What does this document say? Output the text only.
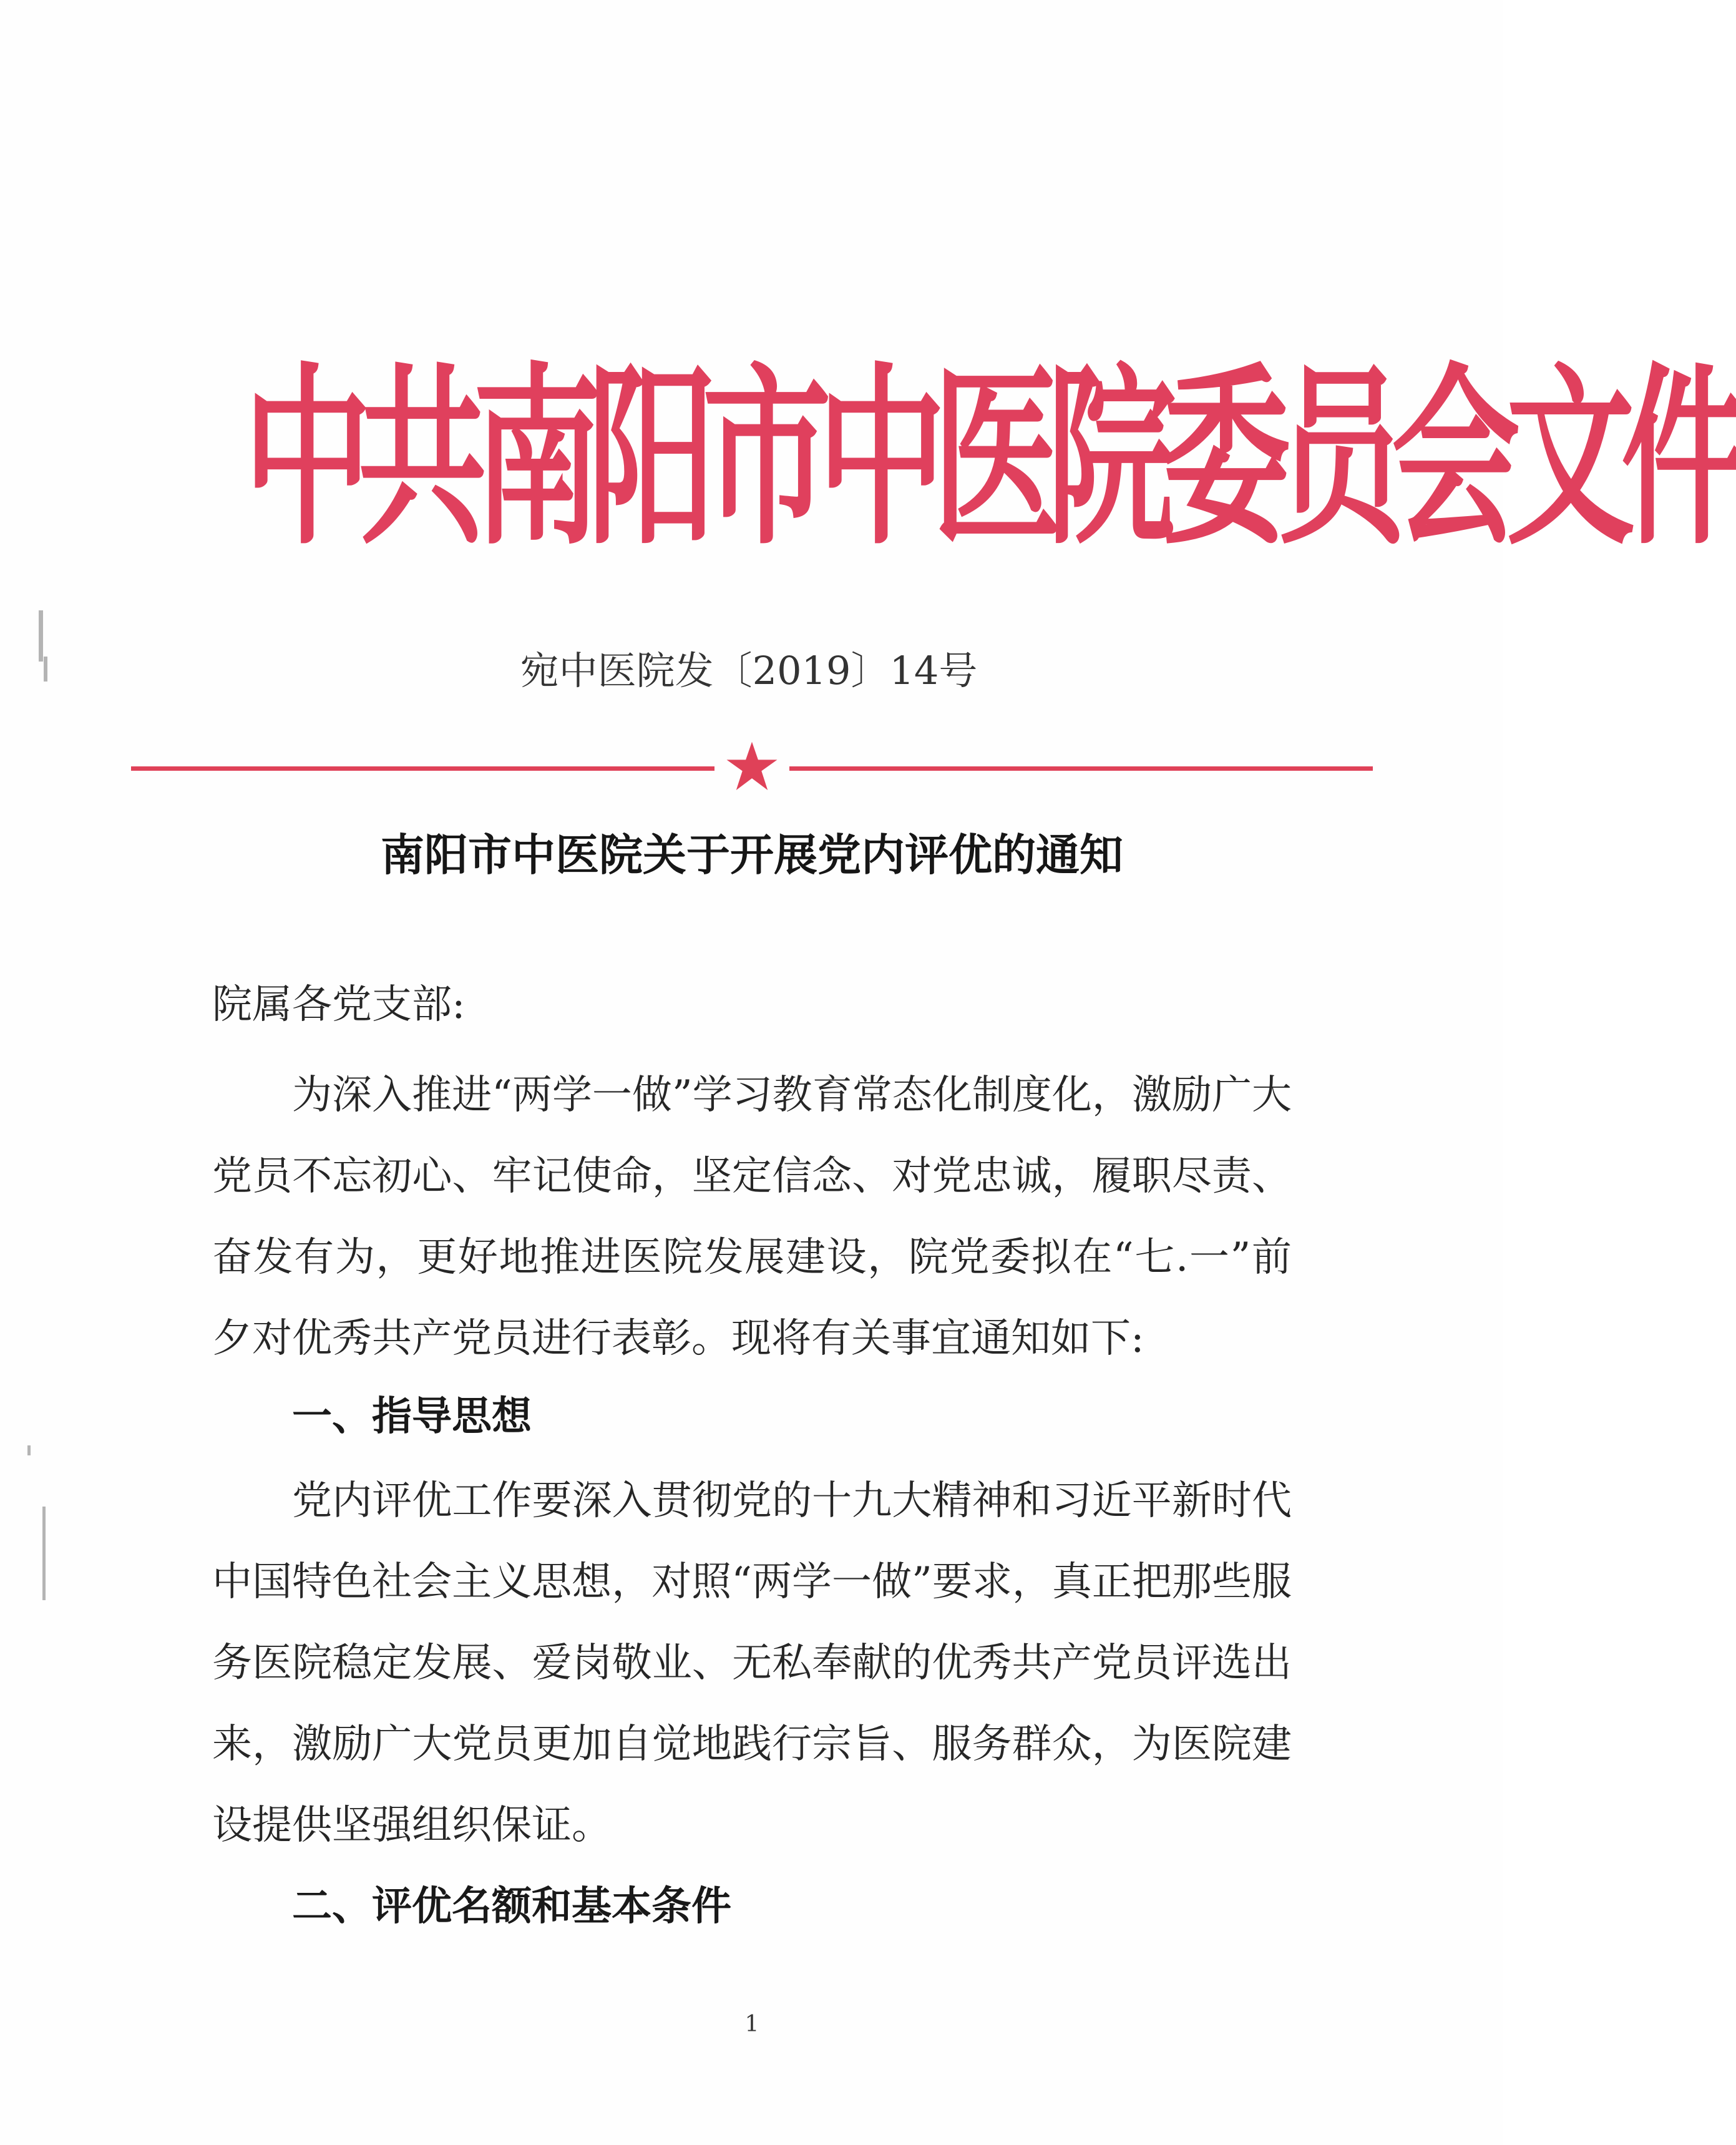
中共南阳市中医院委员会文件
宛中医院发〔2019〕14号
南阳市中医院关于开展党内评优的通知
院属各党支部:
为深入推进“两学一做”学习教育常态化制度化，激励广大党员不忘初心、牢记使命，坚定信念、对党忠诚，履职尽责、奋发有为，更好地推进医院发展建设，院党委拟在“七.一”前夕对优秀共产党员进行表彰。现将有关事宜通知如下:
一、指导思想
党内评优工作要深入贯彻党的十九大精神和习近平新时代中国特色社会主义思想，对照“两学一做”要求，真正把那些服务医院稳定发展、爱岗敬业、无私奉献的优秀共产党员评选出来，激励广大党员更加自觉地践行宗旨、服务群众，为医院建设提供坚强组织保证。
二、评优名额和基本条件
1
